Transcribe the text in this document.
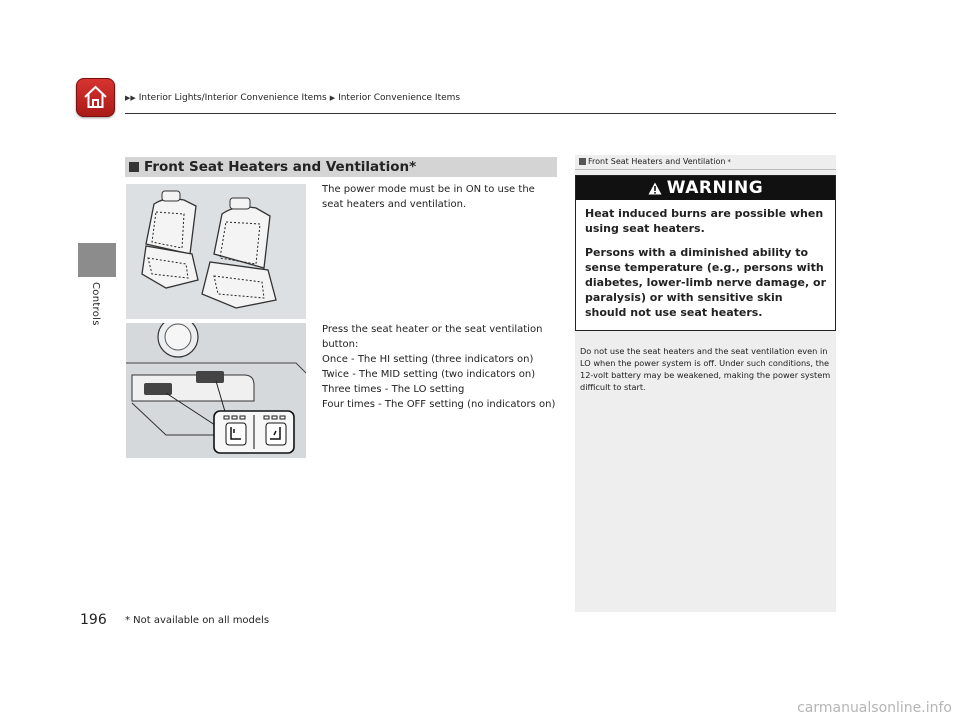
▶▶ Interior Lights/Interior Convenience Items ▶ Interior Convenience Items
Controls
Front Seat Heaters and Ventilation*
The power mode must be in ON to use the seat heaters and ventilation.
Press the seat heater or the seat ventilation
button:
Once - The HI setting (three indicators on)
Twice - The MID setting (two indicators on)
Three times - The LO setting
Four times - The OFF setting (no indicators on)
Front Seat Heaters and Ventilation *
WARNING

Heat induced burns are possible when using seat heaters.

Persons with a diminished ability to sense temperature (e.g., persons with diabetes, lower-limb nerve damage, or paralysis) or with sensitive skin should not use seat heaters.

Do not use the seat heaters and the seat ventilation even in LO when the power system is off. Under such conditions, the 12-volt battery may be weakened, making the power system difficult to start.
196 * Not available on all models
carmanualsonline.info
